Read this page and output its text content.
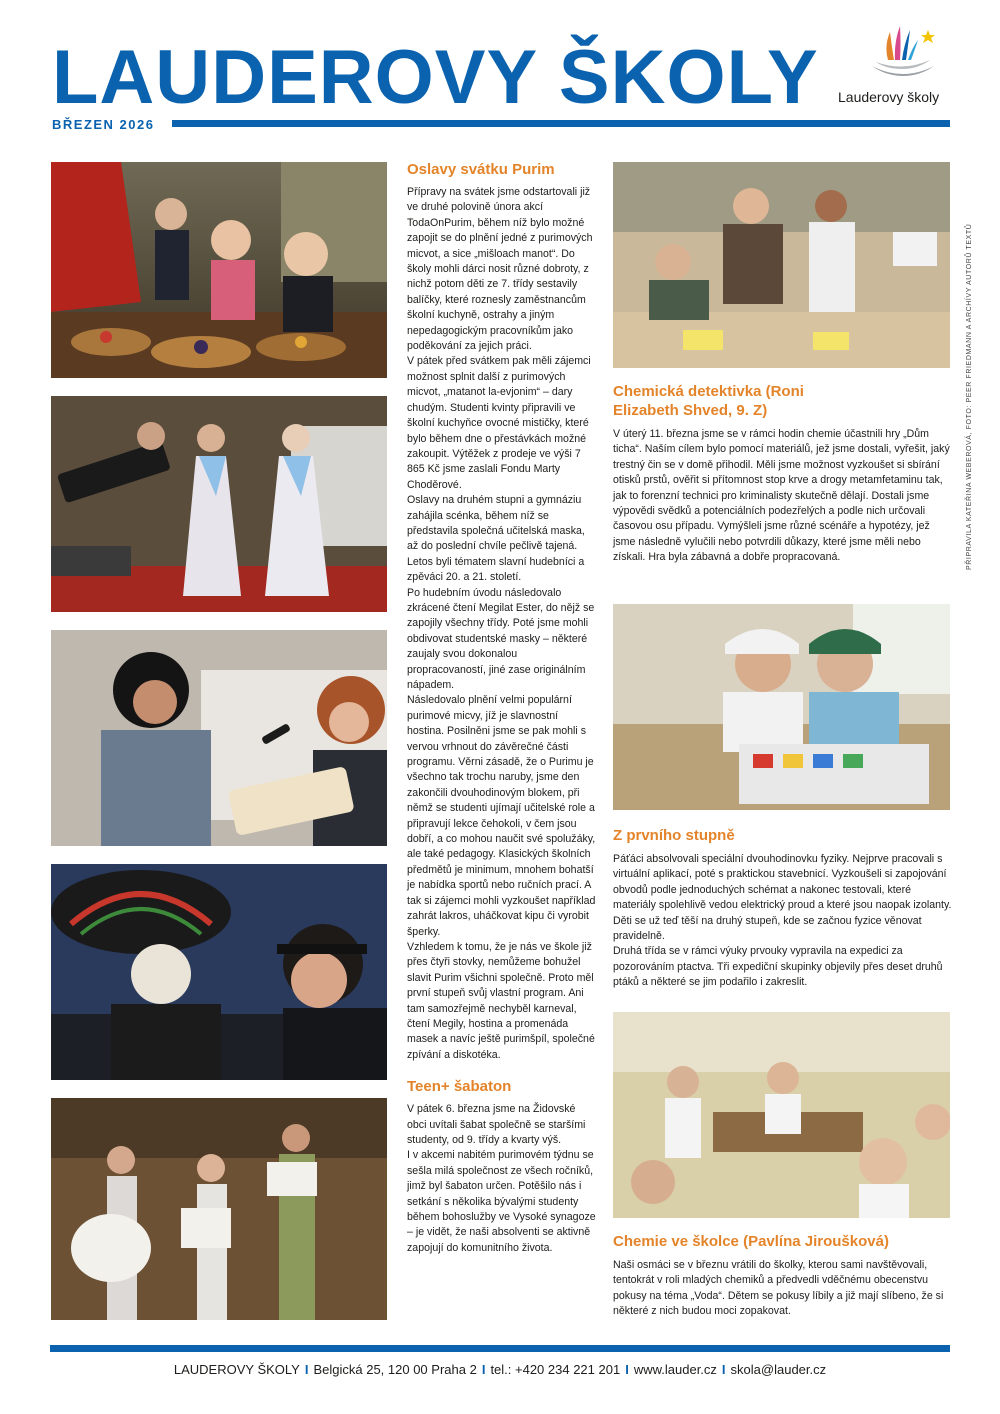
LAUDEROVY ŠKOLY
BŘEZEN 2026
Lauderovy školy
Oslavy svátku Purim

Přípravy na svátek jsme odstartovali již ve druhé polovině února akcí TodaOnPurim, během níž bylo možné zapojit se do plnění jedné z purimových micvot, a sice „mišloach manot“. Do školy mohli dárci nosit různé dobroty, z nichž potom děti ze 7. třídy sestavily balíčky, které roznesly zaměstnancům školní kuchyně, ostrahy a jiným nepedagogickým pracovníkům jako poděkování za jejich práci.

V pátek před svátkem pak měli zájemci možnost splnit další z purimových micvot, „matanot la-evjonim“ – dary chudým. Studenti kvinty připravili ve školní kuchyňce ovocné mističky, které bylo během dne o přestávkách možné zakoupit. Výtěžek z prodeje ve výši 7 865 Kč jsme zaslali Fondu Marty Choděrové.

Oslavy na druhém stupni a gymnáziu zahájila scénka, během níž se představila společná učitelská maska, až do poslední chvíle pečlivě tajená. Letos byli tématem slavní hudebníci a zpěváci 20. a 21. století.

Po hudebním úvodu následovalo zkrácené čtení Megilat Ester, do nějž se zapojily všechny třídy. Poté jsme mohli obdivovat studentské masky – některé zaujaly svou dokonalou propracovaností, jiné zase originálním nápadem.

Následovalo plnění velmi populární purimové micvy, jíž je slavnostní hostina. Posilněni jsme se pak mohli s vervou vrhnout do závěrečné části programu. Věrni zásadě, že o Purimu je všechno tak trochu naruby, jsme den zakončili dvouhodinovým blokem, při němž se studenti ujímají učitelské role a připravují lekce čehokoli, v čem jsou dobří, a co mohou naučit své spolužáky, ale také pedagogy. Klasických školních předmětů je minimum, mnohem bohatší je nabídka sportů nebo ručních prací. A tak si zájemci mohli vyzkoušet například zahrát lakros, uháčkovat kipu či vyrobit šperky.

Vzhledem k tomu, že je nás ve škole již přes čtyři stovky, nemůžeme bohužel slavit Purim všichni společně. Proto měl první stupeň svůj vlastní program. Ani tam samozřejmě nechyběl karneval, čtení Megily, hostina a promenáda masek a navíc ještě purimšpíl, společné zpívání a diskotéka.

Teen+ šabaton

V pátek 6. března jsme na Židovské obci uvítali šabat společně se staršími studenty, od 9. třídy a kvarty výš.

I v akcemi nabitém purimovém týdnu se sešla milá společnost ze všech ročníků, jimž byl šabaton určen. Potěšilo nás i setkání s několika bývalými studenty během bohoslužby ve Vysoké synagoze – je vidět, že naši absolventi se aktivně zapojují do komunitního života.

Chemická detektivka (Roni Elizabeth Shved, 9. Z)

V úterý 11. března jsme se v rámci hodin chemie účastnili hry „Dům ticha“. Naším cílem bylo pomocí materiálů, jež jsme dostali, vyřešit, jaký trestný čin se v domě přihodil. Měli jsme možnost vyzkoušet si sbírání otisků prstů, ověřit si přítomnost stop krve a drogy metamfetaminu tak, jak to forenzní technici pro kriminalisty skutečně dělají. Dostali jsme výpovědi svědků a potenciálních podezřelých a podle nich určovali časovou osu případu. Vymýšleli jsme různé scénáře a hypotézy, jež jsme následně vylučili nebo potvrdili důkazy, které jsme měli nebo získali. Hra byla zábavná a dobře propracovaná.

Z prvního stupně

Páťáci absolvovali speciální dvouhodinovku fyziky. Nejprve pracovali s virtuální aplikací, poté s praktickou stavebnicí. Vyzkoušeli si zapojování obvodů podle jednoduchých schémat a nakonec testovali, které materiály spolehlivě vedou elektrický proud a které jsou naopak izolanty. Děti se už teď těší na druhý stupeň, kde se začnou fyzice věnovat pravidelně.

Druhá třída se v rámci výuky prvouky vypravila na expedici za pozorováním ptactva. Tři expediční skupinky objevily přes deset druhů ptáků a některé se jim podařilo i zakreslit.

Chemie ve školce (Pavlína Jiroušková)

Naši osmáci se v březnu vrátili do školky, kterou sami navštěvovali, tentokrát v roli mladých chemiků a předvedli vděčnému obecenstvu pokusy na téma „Voda“. Dětem se pokusy líbily a již mají slíbeno, že si některé z nich budou moci zopakovat.

PŘIPRAVILA KATEŘINA WEBEROVÁ, FOTO: PEER FRIEDMANN A ARCHÍVY AUTORŮ TEXTŮ
LAUDEROVY ŠKOLY I Belgická 25, 120 00 Praha 2 I tel.: +420 234 221 201 I www.lauder.cz I skola@lauder.cz
